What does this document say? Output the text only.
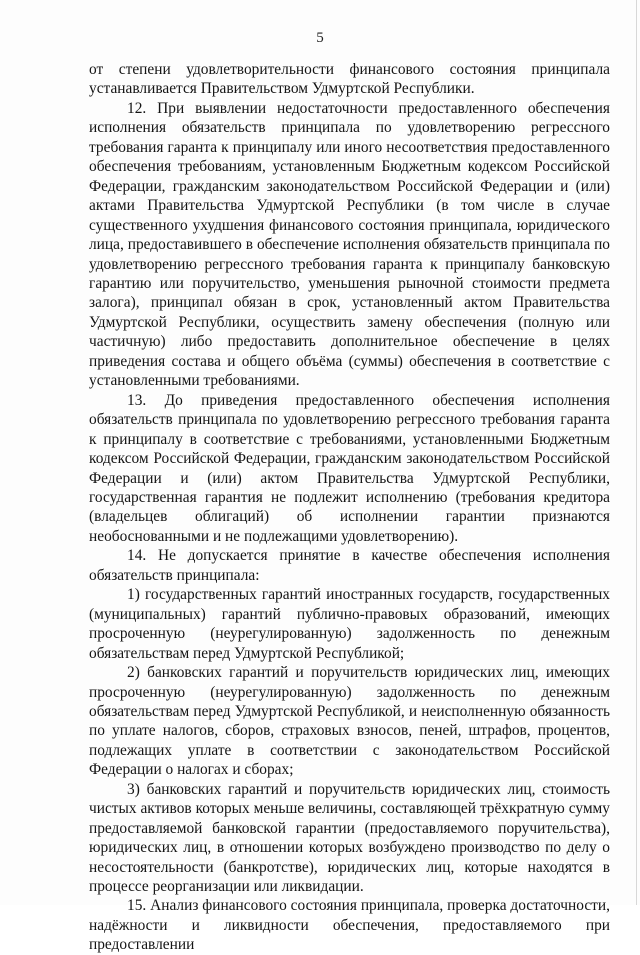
5

от степени удовлетворительности финансового состояния принципала устанавливается Правительством Удмуртской Республики.

12. При выявлении недостаточности предоставленного обеспечения исполнения обязательств принципала по удовлетворению регрессного требования гаранта к принципалу или иного несоответствия предоставленного обеспечения требованиям, установленным Бюджетным кодексом Российской Федерации, гражданским законодательством Российской Федерации и (или) актами Правительства Удмуртской Республики (в том числе в случае существенного ухудшения финансового состояния принципала, юридического лица, предоставившего в обеспечение исполнения обязательств принципала по удовлетворению регрессного требования гаранта к принципалу банковскую гарантию или поручительство, уменьшения рыночной стоимости предмета залога), принципал обязан в срок, установленный актом Правительства Удмуртской Республики, осуществить замену обеспечения (полную или частичную) либо предоставить дополнительное обеспечение в целях приведения состава и общего объёма (суммы) обеспечения в соответствие с установленными требованиями.

13. До приведения предоставленного обеспечения исполнения обязательств принципала по удовлетворению регрессного требования гаранта к принципалу в соответствие с требованиями, установленными Бюджетным кодексом Российской Федерации, гражданским законодательством Российской Федерации и (или) актом Правительства Удмуртской Республики, государственная гарантия не подлежит исполнению (требования кредитора (владельцев облигаций) об исполнении гарантии признаются необоснованными и не подлежащими удовлетворению).

14. Не допускается принятие в качестве обеспечения исполнения обязательств принципала:

1) государственных гарантий иностранных государств, государственных (муниципальных) гарантий публично-правовых образований, имеющих просроченную (неурегулированную) задолженность по денежным обязательствам перед Удмуртской Республикой;

2) банковских гарантий и поручительств юридических лиц, имеющих просроченную (неурегулированную) задолженность по денежным обязательствам перед Удмуртской Республикой, и неисполненную обязанность по уплате налогов, сборов, страховых взносов, пеней, штрафов, процентов, подлежащих уплате в соответствии с законодательством Российской Федерации о налогах и сборах;

3) банковских гарантий и поручительств юридических лиц, стоимость чистых активов которых меньше величины, составляющей трёхкратную сумму предоставляемой банковской гарантии (предоставляемого поручительства), юридических лиц, в отношении которых возбуждено производство по делу о несостоятельности (банкротстве), юридических лиц, которые находятся в процессе реорганизации или ликвидации.

15. Анализ финансового состояния принципала, проверка достаточности, надёжности и ликвидности обеспечения, предоставляемого при предоставлении
